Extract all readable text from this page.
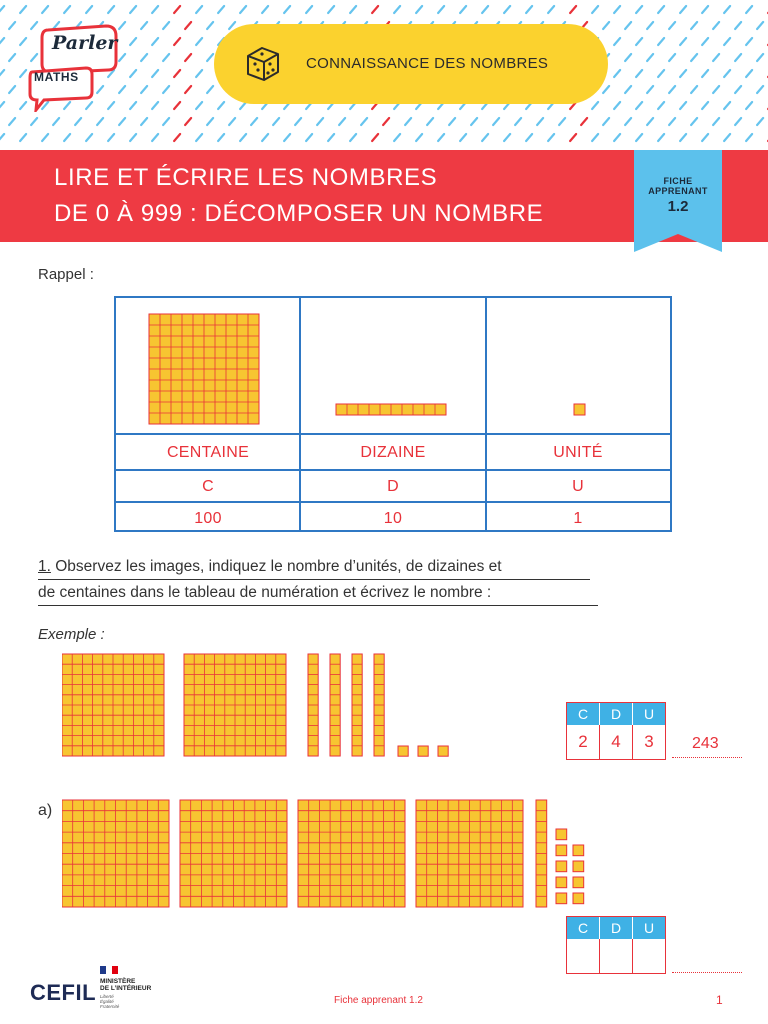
Parler
MATHS
CONNAISSANCE DES NOMBRES
LIRE ET ÉCRIRE LES NOMBRES
DE 0 À 999 : DÉCOMPOSER UN NOMBRE
FICHE
APPRENANT
1.2
Rappel :
CENTAINE	DIZAINE	UNITÉ
C	D	U
100	10	1
1. Observez les images, indiquez le nombre d’unités, de dizaines et
de centaines dans le tableau de numération et écrivez le nombre :
Exemple :
C	D	U
2	4	3	243
a)
C	D	U
CEFIL MINISTÈRE
DE L’INTÉRIEUR
Liberté
Égalité
Fraternité
Fiche apprenant 1.2	1
